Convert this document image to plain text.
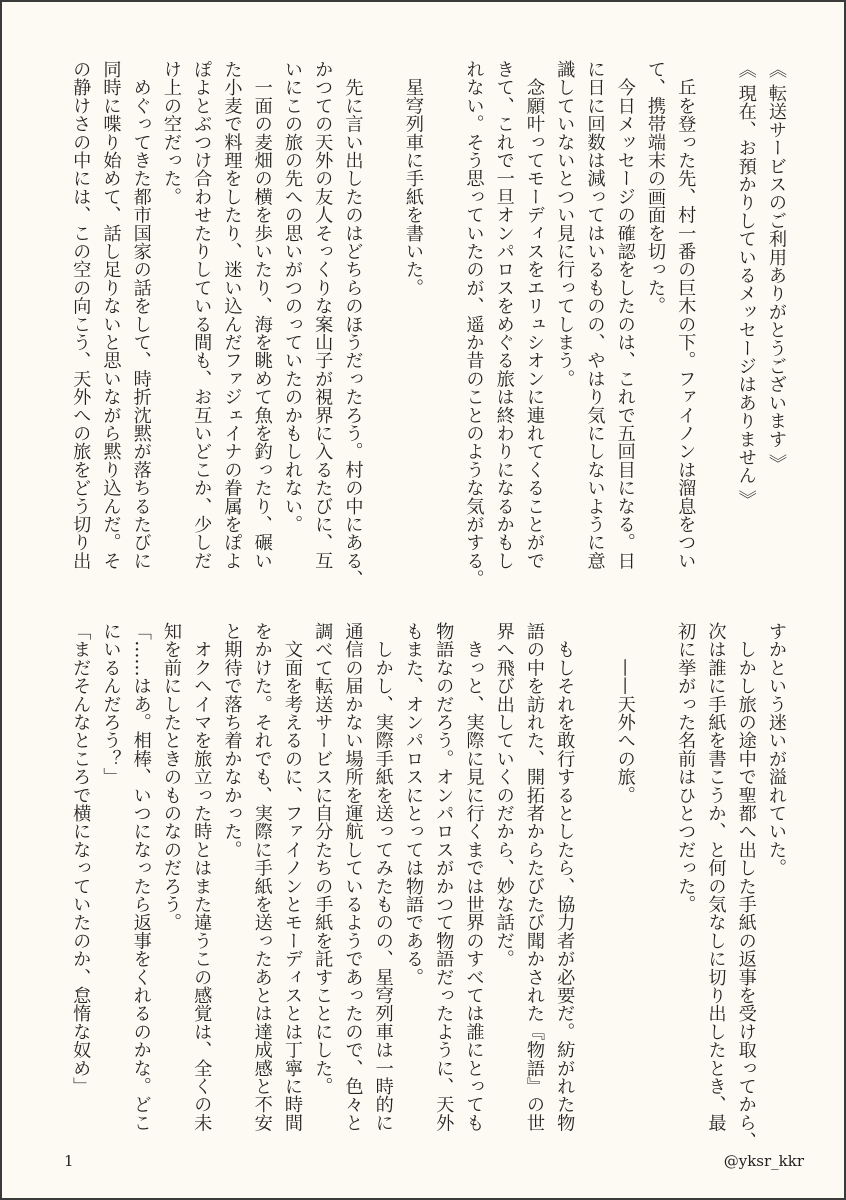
《 転送サービスのご利用ありがとうございます 》
《 現在、お預かりしているメッセージはありません 》

　丘を登った先、村一番の巨木の下。ファイノンは溜息をつい
て、携帯端末の画面を切った。
　今日メッセージの確認をしたのは、これで五回目になる。日
に日に回数は減ってはいるものの、やはり気にしないように意
識していないとつい見に行ってしまう。
　念願叶ってモーディスをエリュシオンに連れてくることがで
きて、これで一旦オンパロスをめぐる旅は終わりになるかもし
れない。そう思っていたのが、遥か昔のことのような気がする。

　星穹列車に手紙を書いた。

　先に言い出したのはどちらのほうだったろう。村の中にある、
かつての天外の友人そっくりな案山子が視界に入るたびに、互
いにこの旅の先への思いがつのっていたのかもしれない。
　一面の麦畑の横を歩いたり、海を眺めて魚を釣ったり、碾い
た小麦で料理をしたり、迷い込んだファジェイナの眷属をぽよ
ぽよとぶつけ合わせたりしている間も、お互いどこか、少しだ
け上の空だった。
　めぐってきた都市国家の話をして、時折沈黙が落ちるたびに
同時に喋り始めて、話し足りないと思いながら黙り込んだ。そ
の静けさの中には、この空の向こう、天外への旅をどう切り出
すかという迷いが溢れていた。
　しかし旅の途中で聖都へ出した手紙の返事を受け取ってから、
次は誰に手紙を書こうか、と何の気なしに切り出したとき、最
初に挙がった名前はひとつだった。

　　——天外への旅。

　もしそれを敢行するとしたら、協力者が必要だ。紡がれた物
語の中を訪れた、開拓者からたびたび聞かされた『物語』の世
界へ飛び出していくのだから、妙な話だ。
　きっと、実際に見に行くまでは世界のすべては誰にとっても
物語なのだろう。オンパロスがかつて物語だったように、天外
もまた、オンパロスにとっては物語である。
　しかし、実際手紙を送ってみたものの、星穹列車は一時的に
通信の届かない場所を運航しているようであったので、色々と
調べて転送サービスに自分たちの手紙を託すことにした。
　文面を考えるのに、ファイノンとモーディスとは丁寧に時間
をかけた。それでも、実際に手紙を送ったあとは達成感と不安
と期待で落ち着かなかった。
　オクヘイマを旅立った時とはまた違うこの感覚は、全くの未
知を前にしたときのものなのだろう。
「……はあ。相棒、いつになったら返事をくれるのかな。どこ
にいるんだろう？」
「まだそんなところで横になっていたのか、怠惰な奴め」
1	@yksr_kkr
